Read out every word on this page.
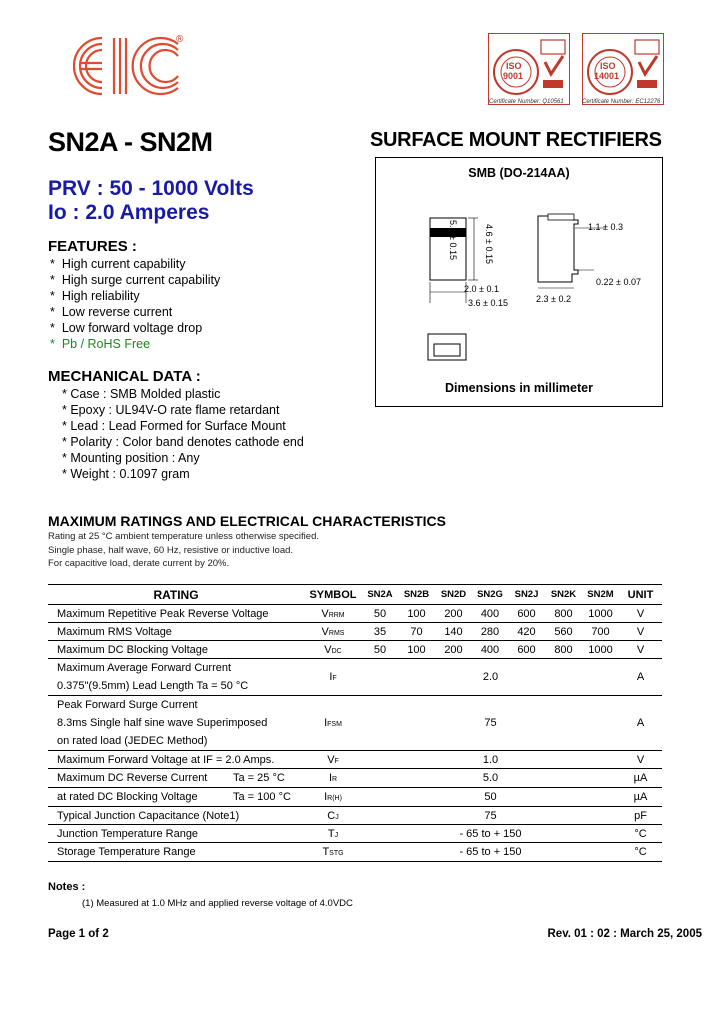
®
ISO
9001
Certificate Number: Q10561
ISO
14001
Certificate Number: EC12276
SN2A - SN2M	SURFACE MOUNT RECTIFIERS
PRV : 50 - 1000 Volts
Io : 2.0 Amperes
FEATURES :
*  High current capability
*  High surge current capability
*  High reliability
*  Low reverse current
*  Low forward voltage drop
*  Pb / RoHS Free
MECHANICAL DATA :
* Case : SMB Molded plastic
* Epoxy : UL94V-O rate flame retardant
* Lead : Lead Formed for Surface Mount
* Polarity : Color band denotes cathode end
* Mounting position : Any
* Weight : 0.1097 gram
SMB (DO-214AA)
5.4 ± 0.15	4.6 ± 0.15
2.0 ± 0.1
3.6 ± 0.15
1.1 ± 0.3
0.22 ± 0.07
2.3 ± 0.2
Dimensions in millimeter
MAXIMUM RATINGS AND ELECTRICAL CHARACTERISTICS
Rating at 25 °C ambient temperature unless otherwise specified.
Single phase, half wave, 60 Hz, resistive or inductive load.
For capacitive load, derate current by 20%.
RATING	SYMBOL	SN2A	SN2B	SN2D	SN2G	SN2J	SN2K	SN2M	UNIT
Maximum Repetitive Peak Reverse Voltage	VRRM	50	100	200	400	600	800	1000	V
Maximum RMS Voltage	VRMS	35	70	140	280	420	560	700	V
Maximum DC Blocking Voltage	VDC	50	100	200	400	600	800	1000	V

Maximum Average Forward Current
0.375"(9.5mm) Lead Length Ta = 50 °C	IF	2.0							A

Peak Forward Surge Current
8.3ms Single half sine wave Superimposed
on rated load (JEDEC Method)	IFSM	75							A
Maximum Forward Voltage at IF = 2.0 Amps.	VF	1.0							V
Maximum DC Reverse Current Ta = 25 °C	IR	5.0							µA
at rated DC Blocking Voltage Ta = 100 °C	IR(H)	50							µA
Typical Junction Capacitance (Note1)	CJ	75							pF
Junction Temperature Range	TJ	- 65 to + 150							°C
Storage Temperature Range	TSTG	- 65 to + 150							°C
Notes :
(1) Measured at 1.0 MHz and applied reverse voltage of 4.0VDC
Page 1 of 2	Rev. 01 : 02 : March 25, 2005
